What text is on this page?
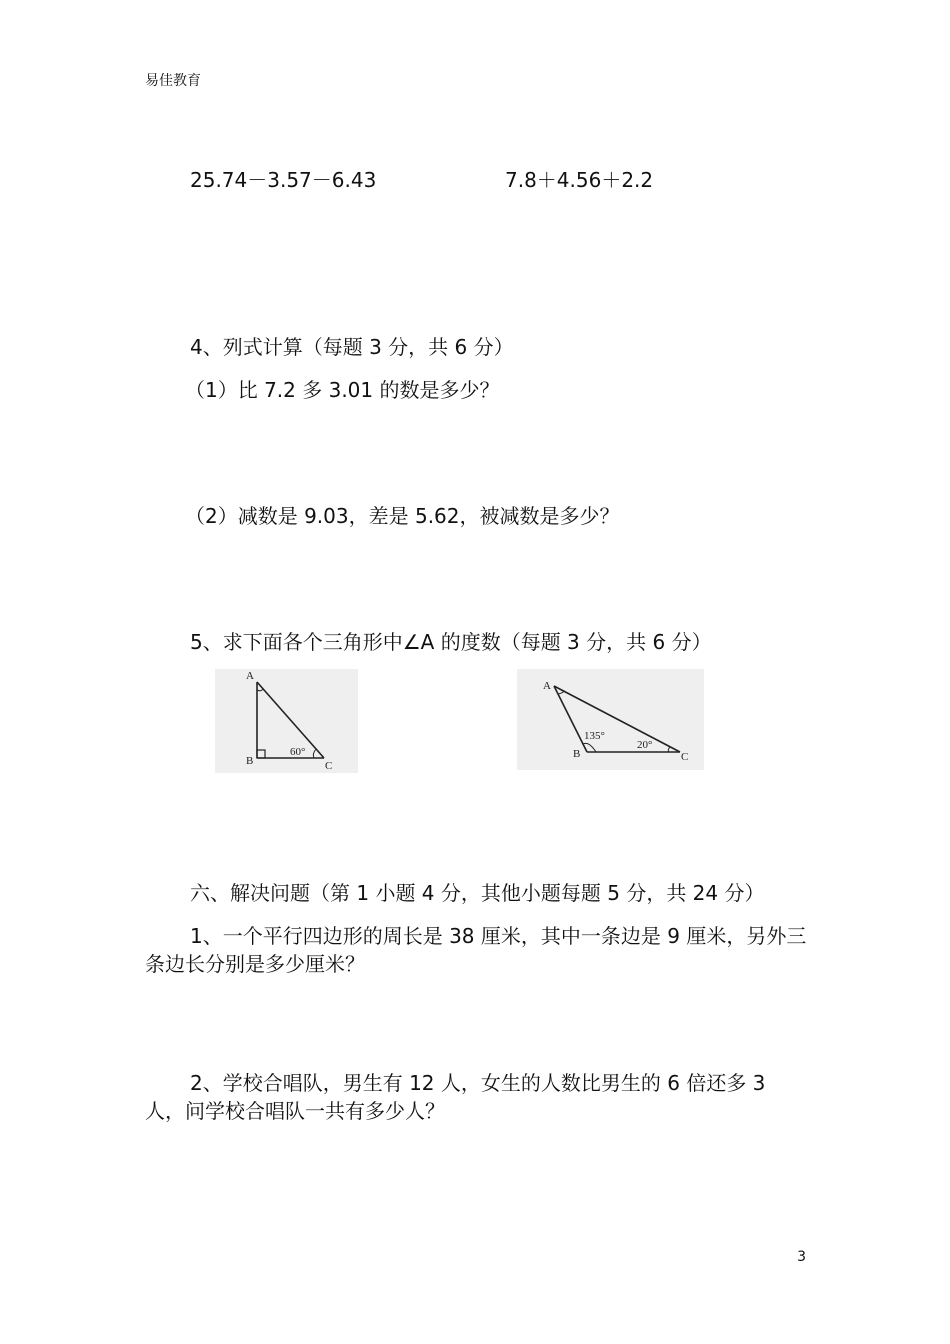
易佳教育
25.74－3.57－6.43	7.8＋4.56＋2.2
4、列式计算（每题 3 分，共 6 分）
（1）比 7.2 多 3.01 的数是多少？
（2）减数是 9.03，差是 5.62，被减数是多少？
5、求下面各个三角形中∠A 的度数（每题 3 分，共 6 分）
A
B	C
60°
A
B	C
135°
20°
六、解决问题（第 1 小题 4 分，其他小题每题 5 分，共 24 分）
1、一个平行四边形的周长是 38 厘米，其中一条边是 9 厘米，另外三条边长分别是多少厘米？
2、学校合唱队，男生有 12 人，女生的人数比男生的 6 倍还多 3 人，问学校合唱队一共有多少人？
3
